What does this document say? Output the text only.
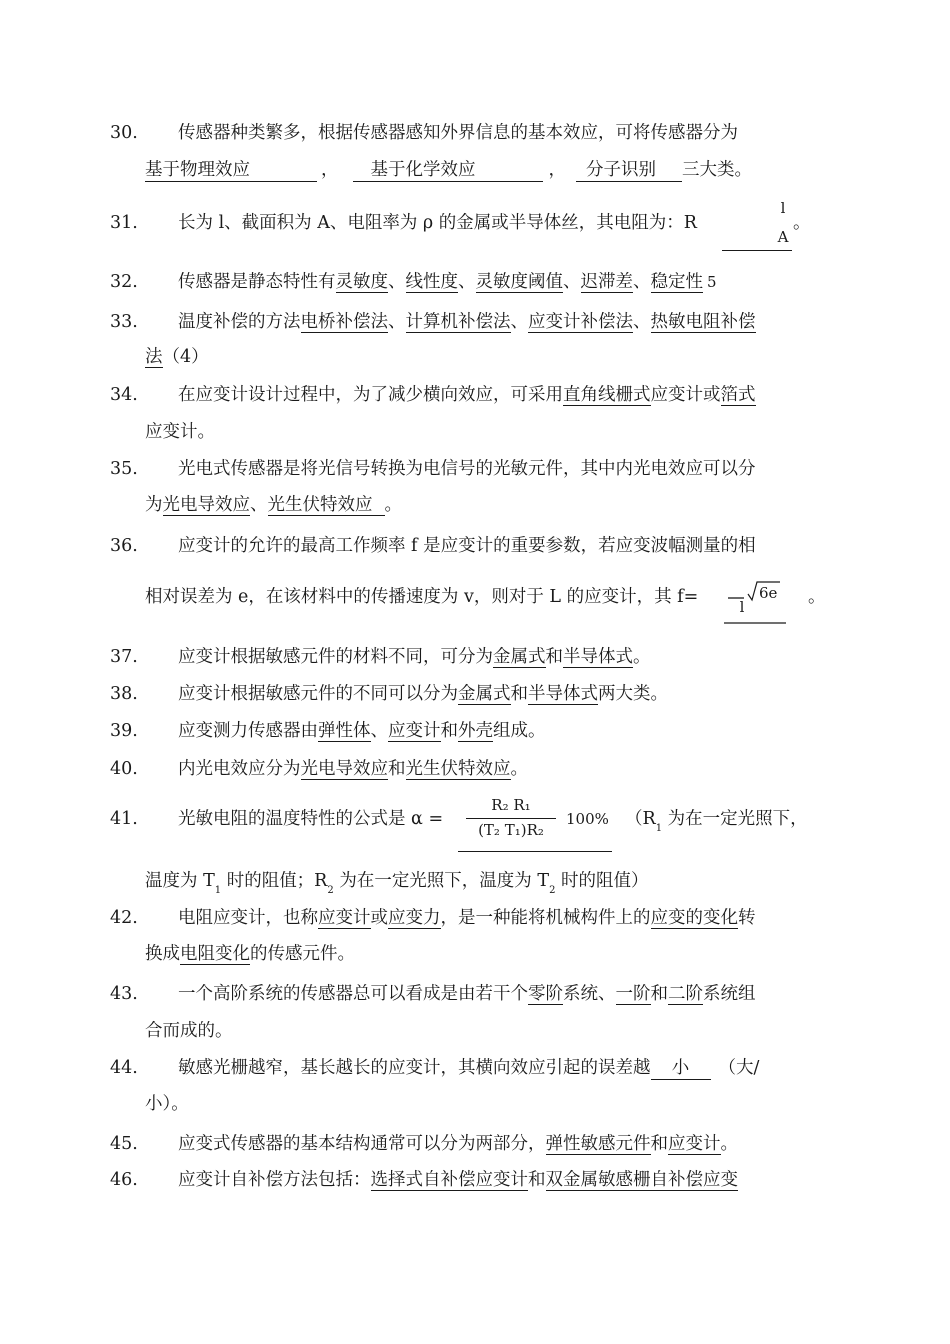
30.	传感器种类繁多，根据传感器感知外界信息的基本效应，可将传感器分为
基于物理效应	， 基于化学效应	， 分子识别 三大类。
31.	长为 l、截面积为 A、电阻率为 ρ 的金属或半导体丝，其电阻为：R
l
A
。
32.	传感器是静态特性有灵敏度、线性度、灵敏度阈值、迟滞差、稳定性 5
33.	温度补偿的方法电桥补偿法、计算机补偿法、应变计补偿法、热敏电阻补偿
法（4）
34.	在应变计设计过程中，为了减少横向效应，可采用直角线栅式应变计或箔式
应变计。
35.	光电式传感器是将光信号转换为电信号的光敏元件，其中内光电效应可以分
为光电导效应、光生伏特效应 。
36.	应变计的允许的最高工作频率 f 是应变计的重要参数，若应变波幅测量的相
相对误差为 e，在该材料中的传播速度为 v，则对于 L 的应变计，其 f=	6e
l	。
37.	应变计根据敏感元件的材料不同，可分为金属式和半导体式。
38.	应变计根据敏感元件的不同可以分为金属式和半导体式两大类。
39.	应变测力传感器由弹性体、应变计和外壳组成。
40.	内光电效应分为光电导效应和光生伏特效应。
41.	光敏电阻的温度特性的公式是 α =
R₂ R₁
(T₂ T₁)R₂
100% （$R_1$ 为在一定光照下，
温度为 $T_1$ 时的阻值；$R_2$ 为在一定光照下，温度为 $T_2$ 时的阻值）
42.	电阻应变计，也称应变计或应变力，是一种能将机械构件上的应变的变化转
换成电阻变化的传感元件。
43.	一个高阶系统的传感器总可以看成是由若干个零阶系统、一阶和二阶系统组
合而成的。
44.	敏感光栅越窄，基长越长的应变计，其横向效应引起的误差越 小 （大/
小）。
45.	应变式传感器的基本结构通常可以分为两部分，弹性敏感元件和应变计。
46.	应变计自补偿方法包括：选择式自补偿应变计和双金属敏感栅自补偿应变
